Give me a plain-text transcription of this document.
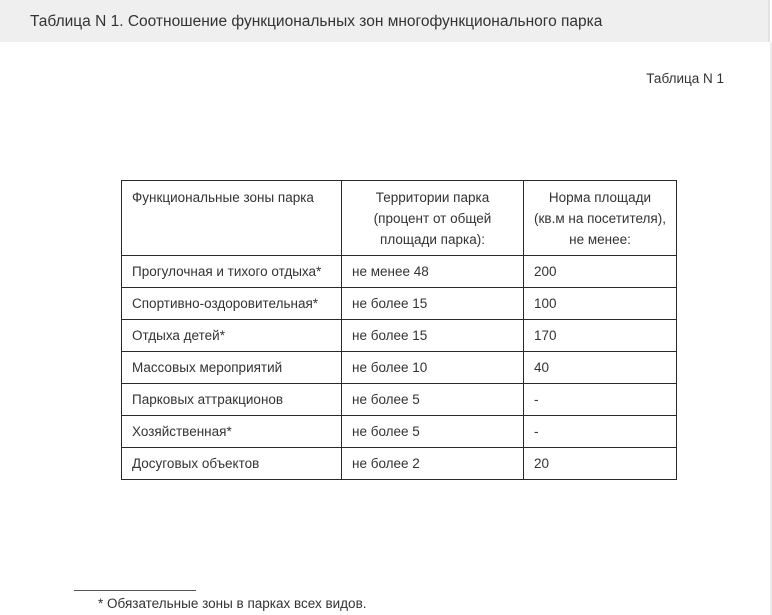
Таблица N 1. Соотношение функциональных зон многофункционального парка
Таблица N 1
Функциональные зоны парка	Территории парка (процент от общей площади парка):	Норма площади (кв.м на посетителя), не менее:
Прогулочная и тихого отдыха*	не менее 48	200
Спортивно-оздоровительная*	не более 15	100
Отдыха детей*	не более 15	170
Массовых мероприятий	не более 10	40
Парковых аттракционов	не более 5	-
Хозяйственная*	не более 5	-
Досуговых объектов	не более 2	20
* Обязательные зоны в парках всех видов.
